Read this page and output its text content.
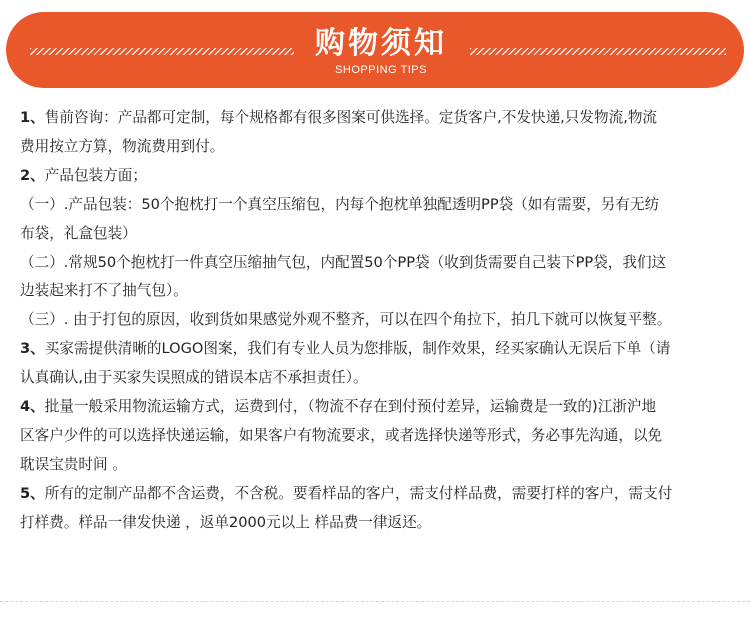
购物须知
SHOPPING TIPS

1、售前咨询：产品都可定制，每个规格都有很多图案可供选择。定货客户,不发快递,只发物流,物流

费用按立方算，物流费用到付。

2、产品包装方面；

（一）.产品包装：50个抱枕打一个真空压缩包，内每个抱枕单独配透明PP袋（如有需要，另有无纺

布袋，礼盒包装）

（二）.常规50个抱枕打一件真空压缩抽气包，内配置50个PP袋（收到货需要自己装下PP袋，我们这

边装起来打不了抽气包）。

（三）. 由于打包的原因，收到货如果感觉外观不整齐，可以在四个角拉下，拍几下就可以恢复平整。

3、买家需提供清晰的LOGO图案，我们有专业人员为您排版，制作效果，经买家确认无误后下单（请

认真确认,由于买家失误照成的错误本店不承担责任）。

4、批量一般采用物流运输方式，运费到付，（物流不存在到付预付差异，运输费是一致的)江浙沪地

区客户少件的可以选择快递运输，如果客户有物流要求，或者选择快递等形式，务必事先沟通，以免

耽误宝贵时间 。

5、所有的定制产品都不含运费，不含税。要看样品的客户，需支付样品费，需要打样的客户，需支付

打样费。样品一律发快递 ，返单2000元以上 样品费一律返还。
